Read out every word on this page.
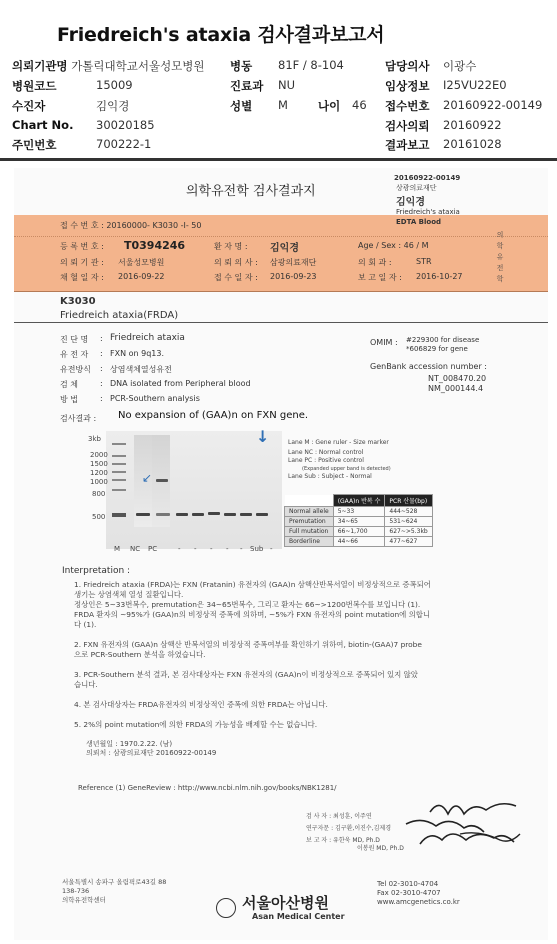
Friedreich's ataxia 검사결과보고서
의뢰기관명 가톨릭대학교서울성모병원 병동 81F / 8-104	담당의사 이광수
병원코드	15009	진료과 NU	임상정보 I25VU22E0
수진자	김익경	성별 M	나이 46 접수번호 20160922-00149
Chart No. 30020185	검사의뢰 20160922
주민번호	700222-1	결과보고 20161028
의학유전학 검사결과지
20160922-00149
상광의료재단
김익경
Friedreich's ataxia
EDTA Blood
접 수 번 호 : 20160000- K3030 -I- 50
등 록 번 호 : T0394246	환 자 명 : 김익경	Age / Sex : 46 / M
의 뢰 기 관 : 서울성모병원	의 뢰 의 사 : 삼광의료재단	의 회 과 :	STR
채 혈 일 자 : 2016-09-22	접 수 일 자 : 2016-09-23	보 고 일 자 : 2016-10-27
의
학
유
전
학
K3030
Friedreich ataxia(FRDA)
진 단 명 : Friedreich ataxia
유 전 자 : FXN on 9q13.
유전방식 : 상염색체열성유전
검 체	: DNA isolated from Peripheral blood
방 법	: PCR-Southern analysis
OMIM : #229300 for disease
*606829 for gene
GenBank accession number :
NT_008470.20
NM_000144.4
검사결과 : No expansion of (GAA)n on FXN gene.
↙
↓
3kb
2000
1500
1200
1000
800
500
M NC PC	- - - - - Sub -
Lane M : Gene ruler - Size marker
Lane NC : Normal control
Lane PC : Positive control
(Expanded upper band is detected)
Lane Sub : Subject - Normal
	(GAA)n 반복 수	PCR 산물(bp)
Normal allele	5~33	444~528
Premutation	34~65	531~624
Full mutation	66~1,700	627~>5.3kb
Borderline	44~66	477~627
Interpretation :

1. Friedreich ataxia (FRDA)는 FXN (Fratanin) 유전자의 (GAA)n 삼핵산반복서열이 비정상적으로 증폭되어

생기는 상염색체 열성 질환입니다.

정상인은 5~33번복수, premutation은 34~65번복수, 그리고 환자는 66~>1200번복수를 보입니다 (1).

FRDA 환자의 ~95%가 (GAA)n의 비정상적 증폭에 의하며, ~5%가 FXN 유전자의 point mutation에 의합니

다 (1).

2. FXN 유전자의 (GAA)n 삼핵산 반복서열의 비정상적 증폭여부를 확인하기 위하여, biotin-(GAA)7 probe

으로 PCR-Southern 분석을 하였습니다.

3. PCR-Southern 분석 결과, 본 검사대상자는 FXN 유전자의 (GAA)n이 비정상적으로 증폭되어 있지 않았

습니다.

4. 본 검사대상자는 FRDA유전자의 비정상적인 증폭에 의한 FRDA는 아닙니다.

5. 2%의 point mutation에 의한 FRDA의 가능성을 배제할 수는 없습니다.

생년월일 : 1970.2.22. (남)
의뢰처 : 삼광의료재단 20160922-00149
Reference (1) GeneReview : http://www.ncbi.nlm.nih.gov/books/NBK1281/
검 사 자 : 최성훈, 이주연
연구자문 : 김구환,이진수,김제경
보 고 자 : 유한욱 MD, Ph.D
이봉원 MD, Ph.D
서울특별시 송파구 올림픽로43길 88
138-736
의학유전학센터	서울아산병원
Asan Medical Center
Tel 02-3010-4704
Fax 02-3010-4707
www.amcgenetics.co.kr
